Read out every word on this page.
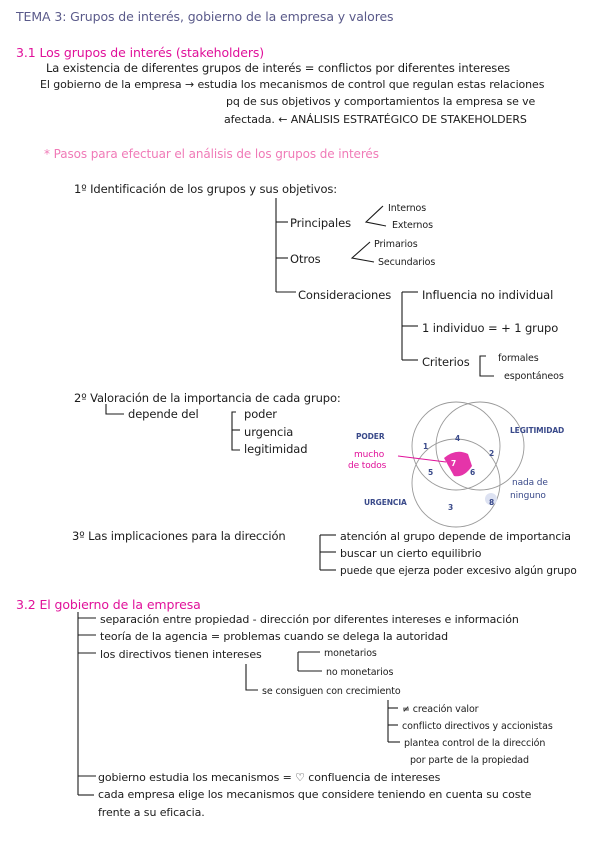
TEMA 3: Grupos de interés, gobierno de la empresa y valores
3.1 Los grupos de interés (stakeholders)
La existencia de diferentes grupos de interés = conflictos por diferentes intereses
El gobierno de la empresa → estudia los mecanismos de control que regulan estas relaciones
pq de sus objetivos y comportamientos la empresa se ve
afectada. ← ANÁLISIS ESTRATÉGICO DE STAKEHOLDERS
* Pasos para efectuar el análisis de los grupos de interés
1º Identificación de los grupos y sus objetivos:
Principales
Internos
Externos
Otros
Primarios
Secundarios
Consideraciones	Influencia no individual
1 individuo = + 1 grupo
Criterios	formales
espontáneos
2º Valoración de la importancia de cada grupo:
depende del	poder
urgencia
legitimidad
PODER
LEGITIMIDAD
URGENCIA
mucho
de todos
nada de
ninguno
1
2
3
4
5	6
7
8
3º Las implicaciones para la dirección	atención al grupo depende de importancia
buscar un cierto equilibrio
puede que ejerza poder excesivo algún grupo
3.2 El gobierno de la empresa
separación entre propiedad - dirección por diferentes intereses e información
teoría de la agencia = problemas cuando se delega la autoridad
los directivos tienen intereses	monetarios
no monetarios
se consiguen con crecimiento
≠ creación valor
conflicto directivos y accionistas
plantea control de la dirección
por parte de la propiedad
gobierno estudia los mecanismos = ♡ confluencia de intereses
cada empresa elige los mecanismos que considere teniendo en cuenta su coste
frente a su eficacia.
